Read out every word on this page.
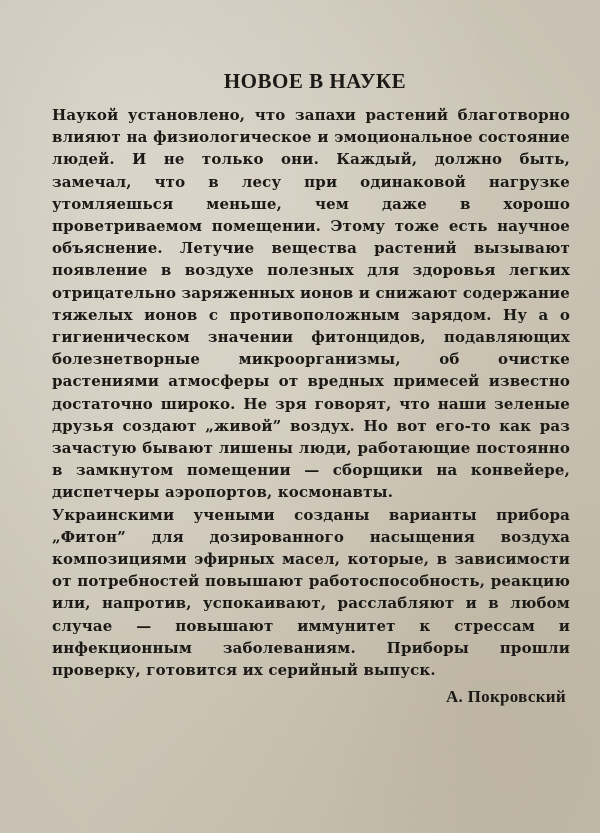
НОВОЕ В НАУКЕ

Наукой установлено, что запахи растений благотворно влияют на физиологическое и эмоциональное состояние людей. И не только они. Каждый, должно быть, замечал, что в лесу при одинаковой нагрузке утомляешься меньше, чем даже в хорошо проветриваемом помещении. Этому тоже есть научное объяснение. Летучие вещества растений вызывают появление в воздухе полезных для здоровья легких отрицательно заряженных ионов и снижают содержание тяжелых ионов с противоположным зарядом. Ну а о гигиеническом значении фитонцидов, подавляющих болезнетворные микроорганизмы, об очистке растениями атмосферы от вредных примесей известно достаточно широко. Не зря говорят, что наши зеленые друзья создают „живой” воздух. Но вот его-то как раз зачастую бывают лишены люди, работающие постоянно в замкнутом помещении — сборщики на конвейере, диспетчеры аэропортов, космонавты.

Украинскими учеными созданы варианты прибора „Фитон” для дозированного насыщения воздуха композициями эфирных масел, которые, в зависимости от потребностей повышают работоспособность, реакцию или, напротив, успокаивают, расслабляют и в любом случае — повышают иммунитет к стрессам и инфекционным заболеваниям. Приборы прошли проверку, готовится их серийный выпуск.

А. Покровский
